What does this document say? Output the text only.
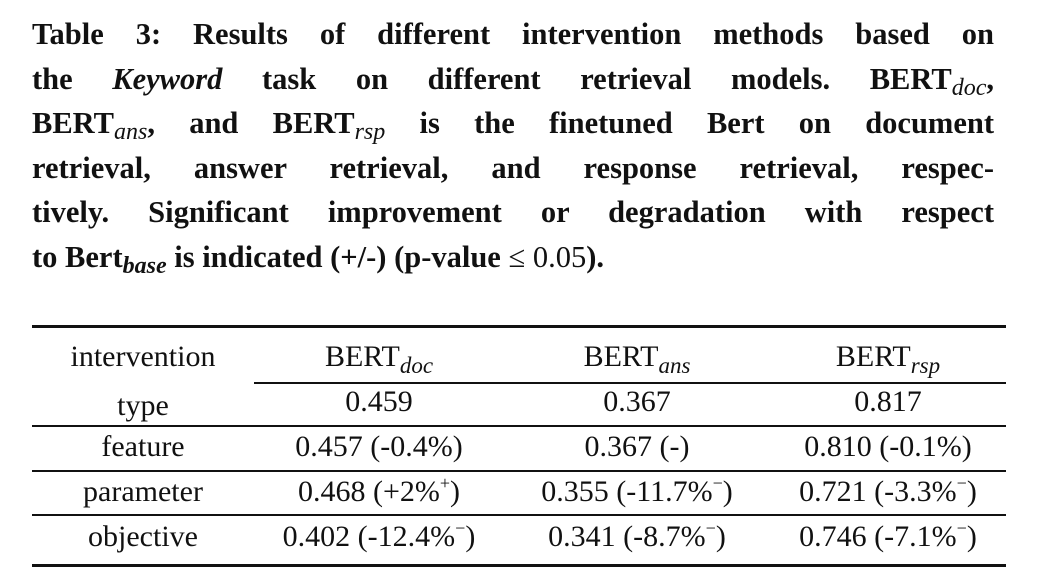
Table 3: Results of different intervention methods based on
the Keyword task on different retrieval models. $BERT_{doc}$,
$BERT_{ans}$, and $BERT_{rsp}$ is the finetuned Bert on document
retrieval, answer retrieval, and response retrieval, respec-
tively. Significant improvement or degradation with respect
to Bertbase is indicated (+/-) (p-value ≤ 0.05).
intervention	$BERT_{doc}$	$BERT_{ans}$	$BERT_{rsp}$
type	0.459	0.367	0.817
feature	0.457 (-0.4%)	0.367 (-)	0.810 (-0.1%)
parameter	0.468 (+2%+)	0.355 (-11.7%−)	0.721 (-3.3%−)
objective	0.402 (-12.4%−)	0.341 (-8.7%−)	0.746 (-7.1%−)
